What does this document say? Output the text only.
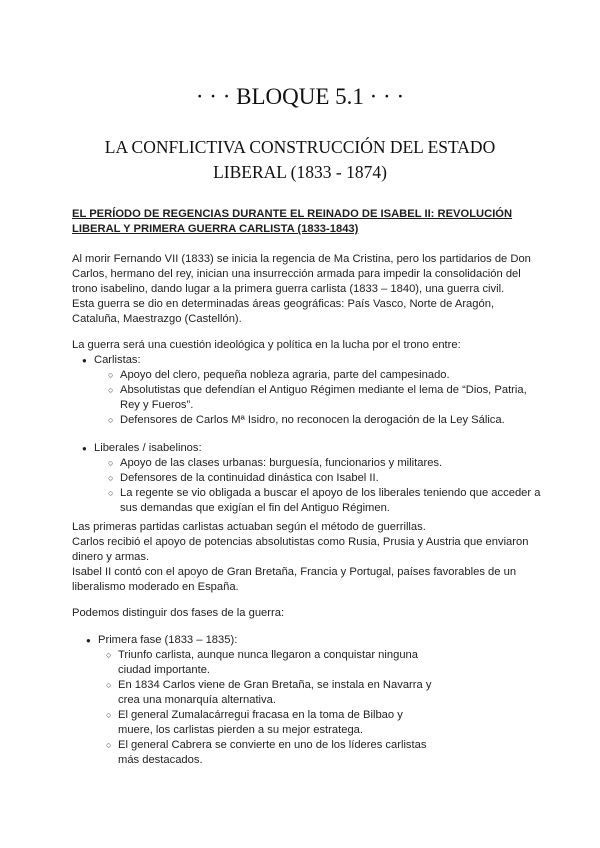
· · · BLOQUE 5.1 · · ·
LA CONFLICTIVA CONSTRUCCIÓN DEL ESTADO LIBERAL (1833 - 1874)
EL PERÍODO DE REGENCIAS DURANTE EL REINADO DE ISABEL II: REVOLUCIÓN LIBERAL Y PRIMERA GUERRA CARLISTA (1833-1843)

Al morir Fernando VII (1833) se inicia la regencia de Ma Cristina, pero los partidarios de Don Carlos, hermano del rey, inician una insurrección armada para impedir la consolidación del trono isabelino, dando lugar a la primera guerra carlista (1833 – 1840), una guerra civil.

Esta guerra se dio en determinadas áreas geográficas: País Vasco, Norte de Aragón, Cataluña, Maestrazgo (Castellón).

La guerra será una cuestión ideológica y política en la lucha por el trono entre:

● Carlistas:
○ Apoyo del clero, pequeña nobleza agraria, parte del campesinado.
○ Absolutistas que defendían el Antiguo Régimen mediante el lema de “Dios, Patria, Rey y Fueros”.
○ Defensores de Carlos Mª Isidro, no reconocen la derogación de la Ley Sálica.
● Liberales / isabelinos:
○ Apoyo de las clases urbanas: burguesía, funcionarios y militares.
○ Defensores de la continuidad dinástica con Isabel II.
○ La regente se vio obligada a buscar el apoyo de los liberales teniendo que acceder a sus demandas que exigían el fin del Antiguo Régimen.

Las primeras partidas carlistas actuaban según el método de guerrillas.

Carlos recibió el apoyo de potencias absolutistas como Rusia, Prusia y Austria que enviaron dinero y armas.

Isabel II contó con el apoyo de Gran Bretaña, Francia y Portugal, países favorables de un liberalismo moderado en España.

Podemos distinguir dos fases de la guerra:

● Primera fase (1833 – 1835):
○ Triunfo carlista, aunque nunca llegaron a conquistar ninguna ciudad importante.
○ En 1834 Carlos viene de Gran Bretaña, se instala en Navarra y crea una monarquía alternativa.
○ El general Zumalacárregui fracasa en la toma de Bilbao y muere, los carlistas pierden a su mejor estratega.
○ El general Cabrera se convierte en uno de los líderes carlistas más destacados.
